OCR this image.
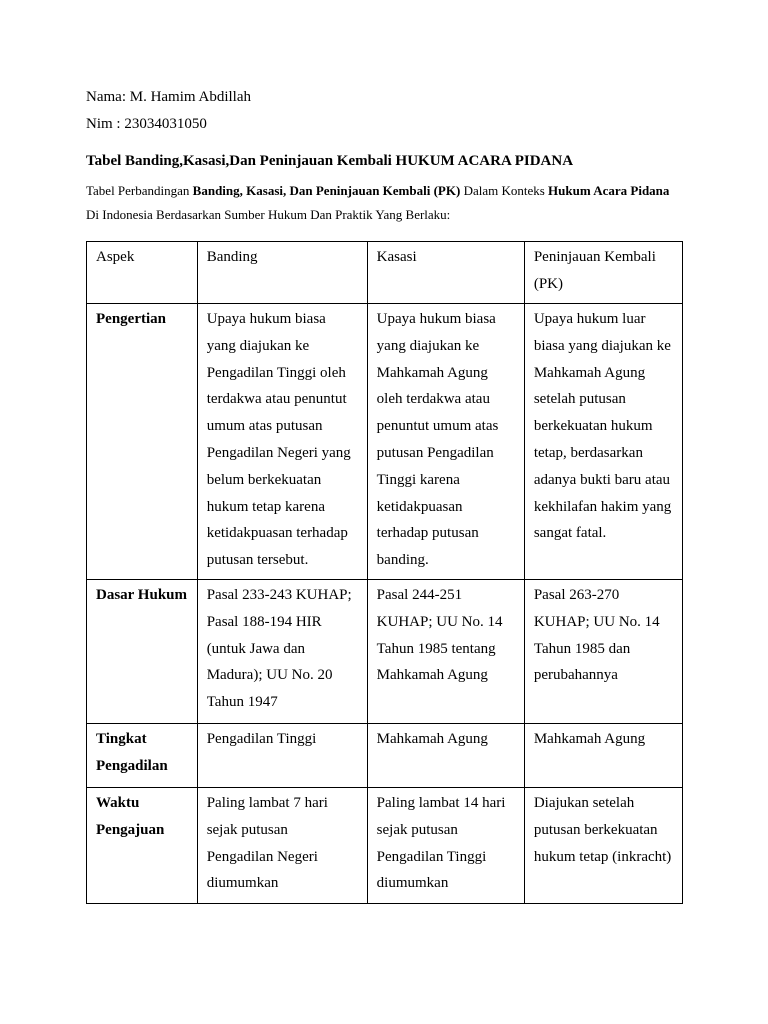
Nama: M. Hamim Abdillah
Nim : 23034031050
Tabel Banding,Kasasi,Dan Peninjauan Kembali HUKUM ACARA PIDANA
Tabel Perbandingan Banding, Kasasi, Dan Peninjauan Kembali (PK) Dalam Konteks Hukum Acara Pidana Di Indonesia Berdasarkan Sumber Hukum Dan Praktik Yang Berlaku:
Aspek	Banding	Kasasi	Peninjauan Kembali (PK)
Pengertian	Upaya hukum biasa yang diajukan ke Pengadilan Tinggi oleh terdakwa atau penuntut umum atas putusan Pengadilan Negeri yang belum berkekuatan hukum tetap karena ketidakpuasan terhadap putusan tersebut.	Upaya hukum biasa yang diajukan ke Mahkamah Agung oleh terdakwa atau penuntut umum atas putusan Pengadilan Tinggi karena ketidakpuasan terhadap putusan banding.	Upaya hukum luar biasa yang diajukan ke Mahkamah Agung setelah putusan berkekuatan hukum tetap, berdasarkan adanya bukti baru atau kekhilafan hakim yang sangat fatal.
Dasar Hukum	Pasal 233-243 KUHAP; Pasal 188-194 HIR (untuk Jawa dan Madura); UU No. 20 Tahun 1947	Pasal 244-251 KUHAP; UU No. 14 Tahun 1985 tentang Mahkamah Agung	Pasal 263-270 KUHAP; UU No. 14 Tahun 1985 dan perubahannya
Tingkat Pengadilan	Pengadilan Tinggi	Mahkamah Agung	Mahkamah Agung
Waktu Pengajuan	Paling lambat 7 hari sejak putusan Pengadilan Negeri diumumkan	Paling lambat 14 hari sejak putusan Pengadilan Tinggi diumumkan	Diajukan setelah putusan berkekuatan hukum tetap (inkracht)
